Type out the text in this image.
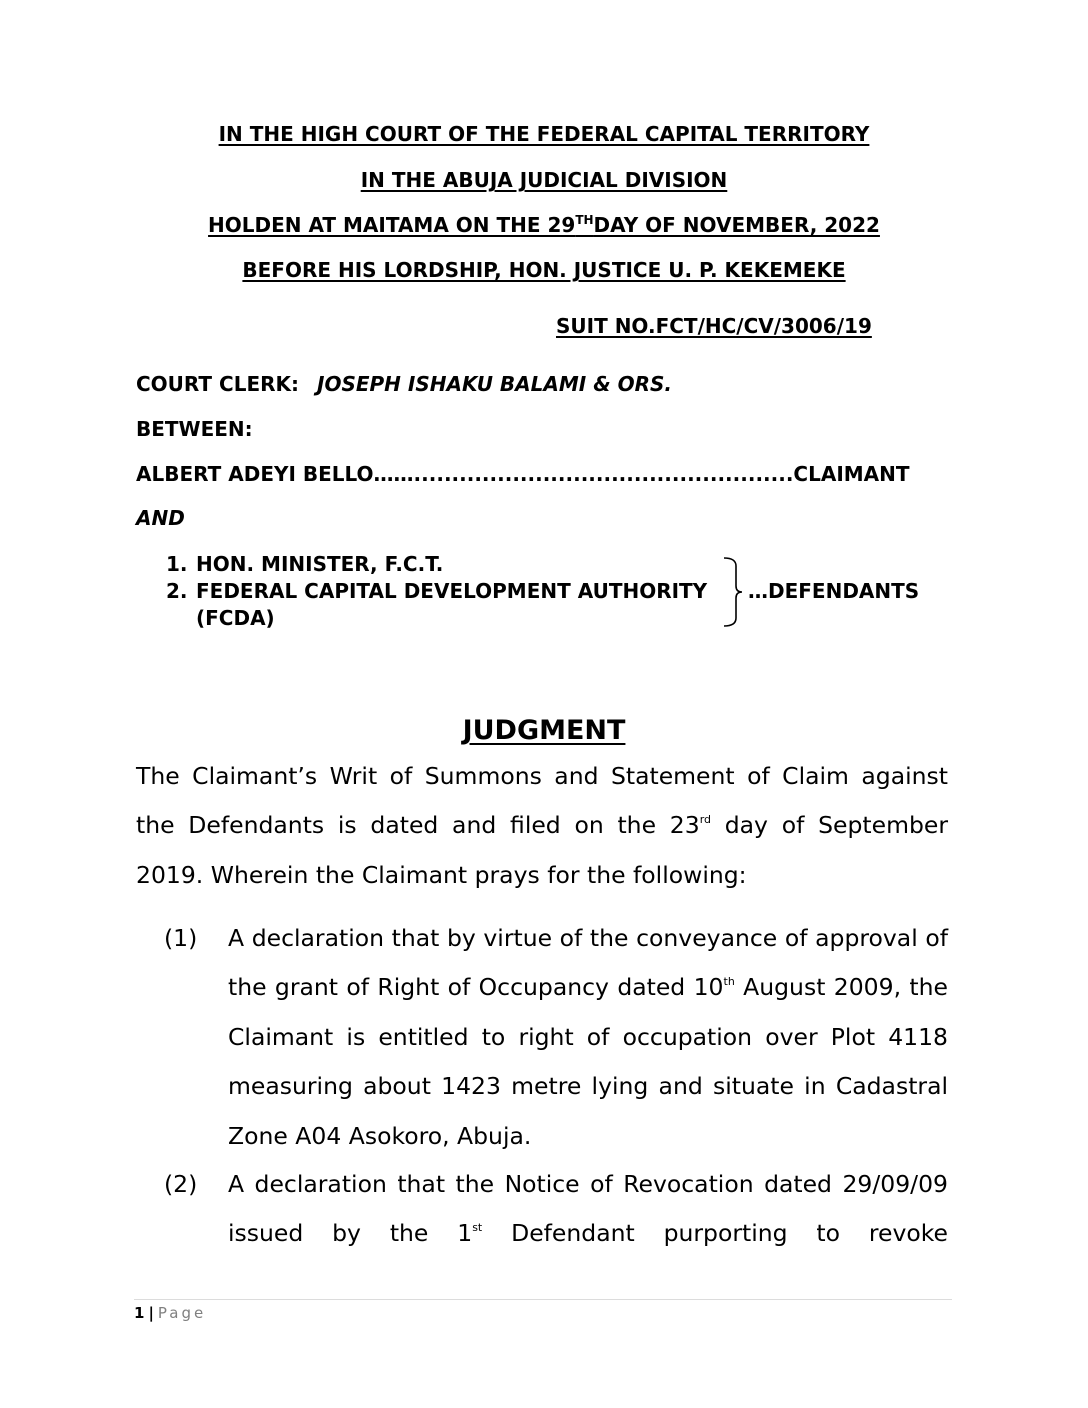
IN THE HIGH COURT OF THE FEDERAL CAPITAL TERRITORY
IN THE ABUJA JUDICIAL DIVISION
HOLDEN AT MAITAMA ON THE 29THDAY OF NOVEMBER, 2022
BEFORE HIS LORDSHIP, HON. JUSTICE U. P. KEKEMEKE
SUIT NO.FCT/HC/CV/3006/19
COURT CLERK: JOSEPH ISHAKU BALAMI & ORS.
BETWEEN:
ALBERT ADEYI BELLO……..................................................CLAIMANT
AND
1. HON. MINISTER, F.C.T.
2. FEDERAL CAPITAL DEVELOPMENT AUTHORITY
(FCDA)
…DEFENDANTS
JUDGMENT
The Claimant’s Writ of Summons and Statement of Claim against the Defendants is dated and filed on the 23rd day of September 2019. Wherein the Claimant prays for the following:
(1) A declaration that by virtue of the conveyance of approval of the grant of Right of Occupancy dated 10th August 2009, the Claimant is entitled to right of occupation over Plot 4118 measuring about 1423 metre lying and situate in Cadastral Zone A04 Asokoro, Abuja.
(2) A declaration that the Notice of Revocation dated 29/09/09 issued by the 1st Defendant purporting to revoke
1 | Page
